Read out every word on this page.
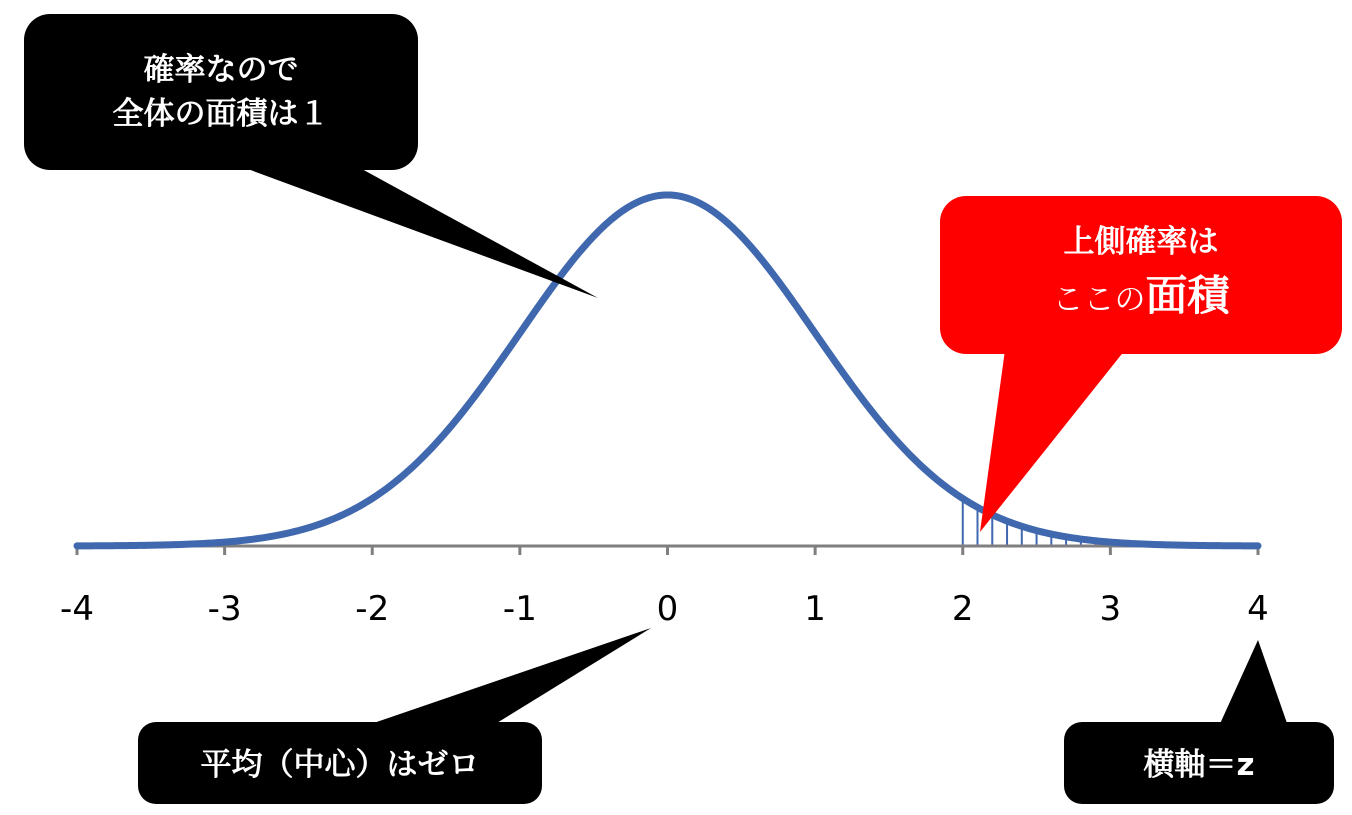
-4	-3	-2	-1	0	1	2	3	4
確率なので
全体の面積は１
上側確率は
ここの面積
平均（中心）はゼロ	横軸＝z
